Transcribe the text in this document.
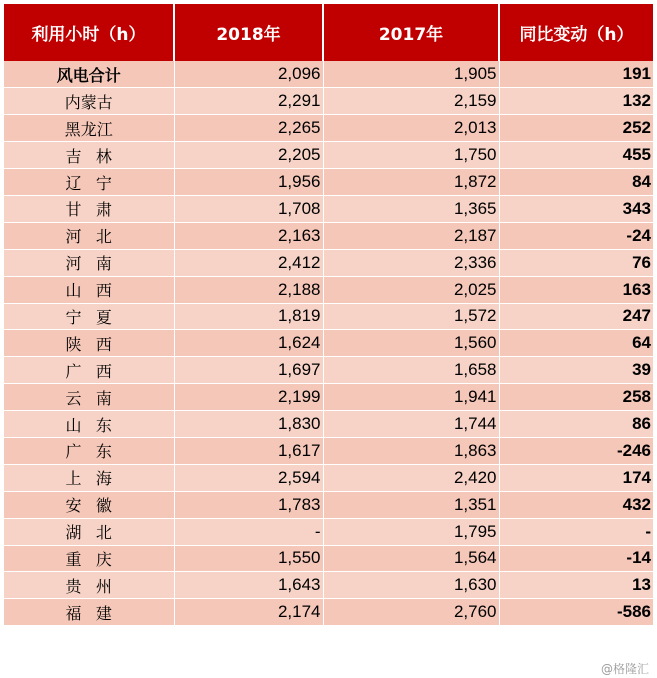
利用小时（h）	2018年	2017年	同比变动（h）
风电合计	2,096	1,905	191
内蒙古	2,291	2,159	132
黑龙江	2,265	2,013	252
吉林	2,205	1,750	455
辽宁	1,956	1,872	84
甘肃	1,708	1,365	343
河北	2,163	2,187	-24
河南	2,412	2,336	76
山西	2,188	2,025	163
宁夏	1,819	1,572	247
陕西	1,624	1,560	64
广西	1,697	1,658	39
云南	2,199	1,941	258
山东	1,830	1,744	86
广东	1,617	1,863	-246
上海	2,594	2,420	174
安徽	1,783	1,351	432
湖北	-	1,795	-
重庆	1,550	1,564	-14
贵州	1,643	1,630	13
福建	2,174	2,760	-586
@格隆汇
